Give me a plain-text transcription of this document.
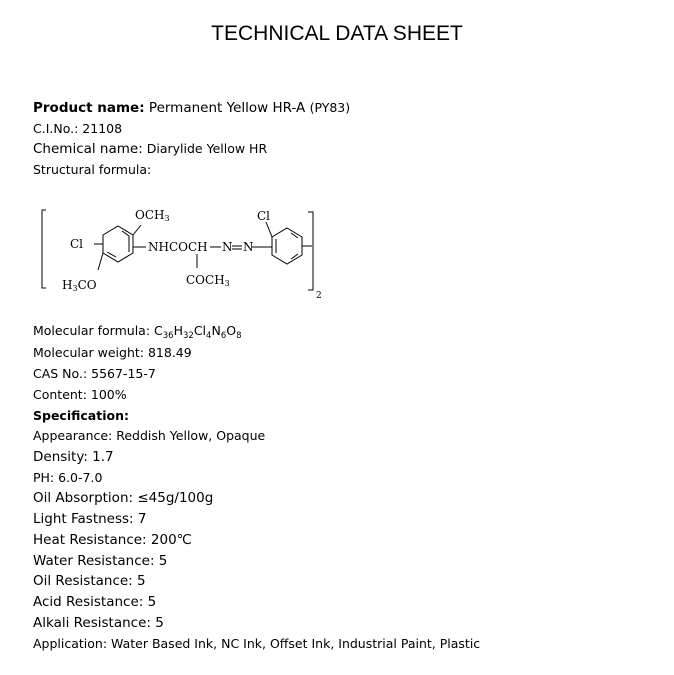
TECHNICAL DATA SHEET
Product name: Permanent Yellow HR-A (PY83)
C.I.No.: 21108
Chemical name: Diarylide Yellow HR
Structural formula:
2
OCH3
Cl
H3CO
NHCOCH N N
COCH3
Cl
Molecular formula: $C_{36}H_{32}Cl_4N_6O_8$
Molecular weight: 818.49
CAS No.: 5567-15-7
Content: 100%
Specification:
Appearance: Reddish Yellow, Opaque
Density: 1.7
PH: 6.0-7.0
Oil Absorption: ≤45g/100g
Light Fastness: 7
Heat Resistance: 200℃
Water Resistance: 5
Oil Resistance: 5
Acid Resistance: 5
Alkali Resistance: 5
Application: Water Based Ink, NC Ink, Offset Ink, Industrial Paint, Plastic
